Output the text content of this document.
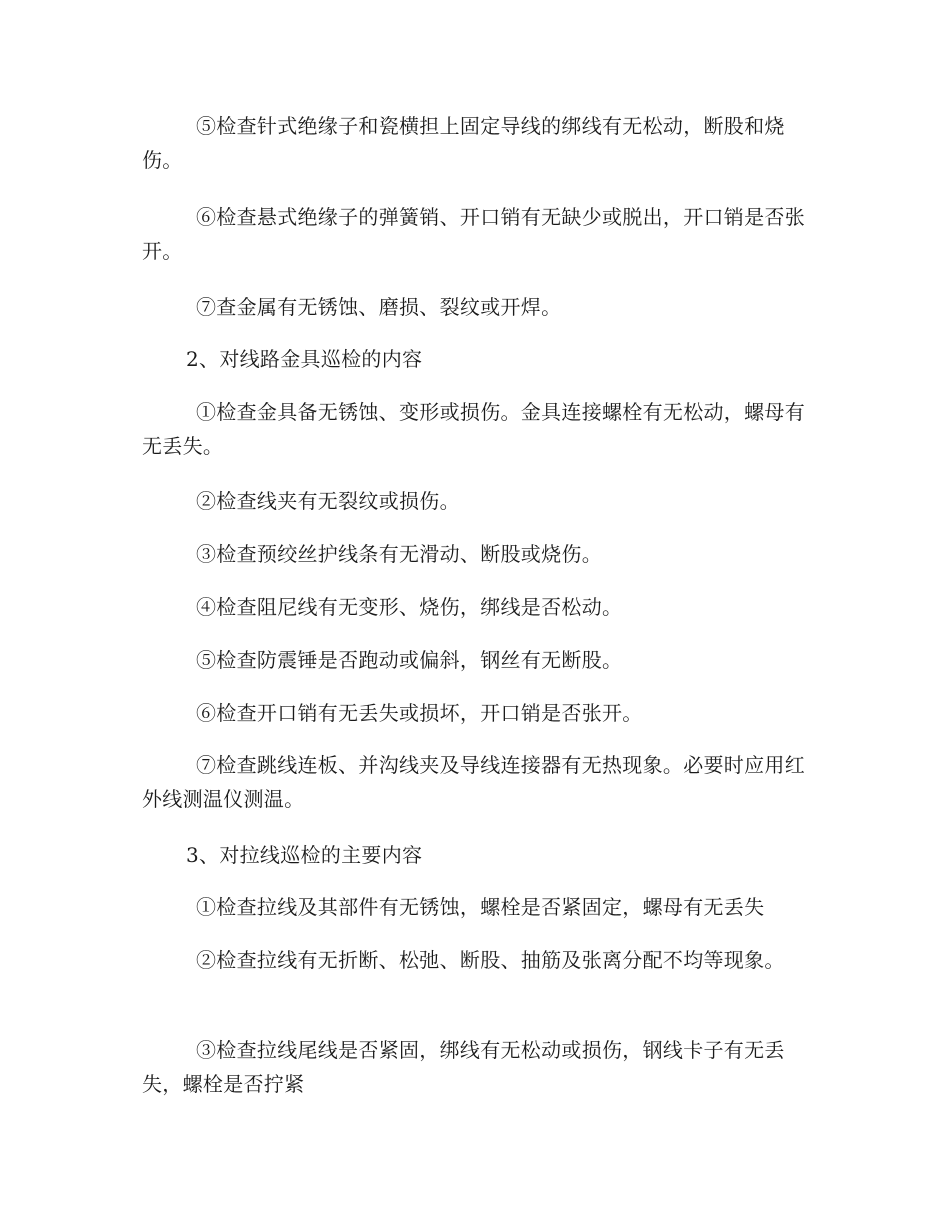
⑤检查针式绝缘子和瓷横担上固定导线的绑线有无松动，断股和烧伤。

⑥检查悬式绝缘子的弹簧销、开口销有无缺少或脱出，开口销是否张开。

⑦查金属有无锈蚀、磨损、裂纹或开焊。

2、对线路金具巡检的内容

①检查金具备无锈蚀、变形或损伤。金具连接螺栓有无松动，螺母有无丢失。

②检查线夹有无裂纹或损伤。

③检查预绞丝护线条有无滑动、断股或烧伤。

④检查阻尼线有无变形、烧伤，绑线是否松动。

⑤检查防震锤是否跑动或偏斜，钢丝有无断股。

⑥检查开口销有无丢失或损坏，开口销是否张开。

⑦检查跳线连板、并沟线夹及导线连接器有无热现象。必要时应用红外线测温仪测温。

3、对拉线巡检的主要内容

①检查拉线及其部件有无锈蚀，螺栓是否紧固定，螺母有无丢失

②检查拉线有无折断、松弛、断股、抽筋及张离分配不均等现象。

③检查拉线尾线是否紧固，绑线有无松动或损伤，钢线卡子有无丢失，螺栓是否拧紧
